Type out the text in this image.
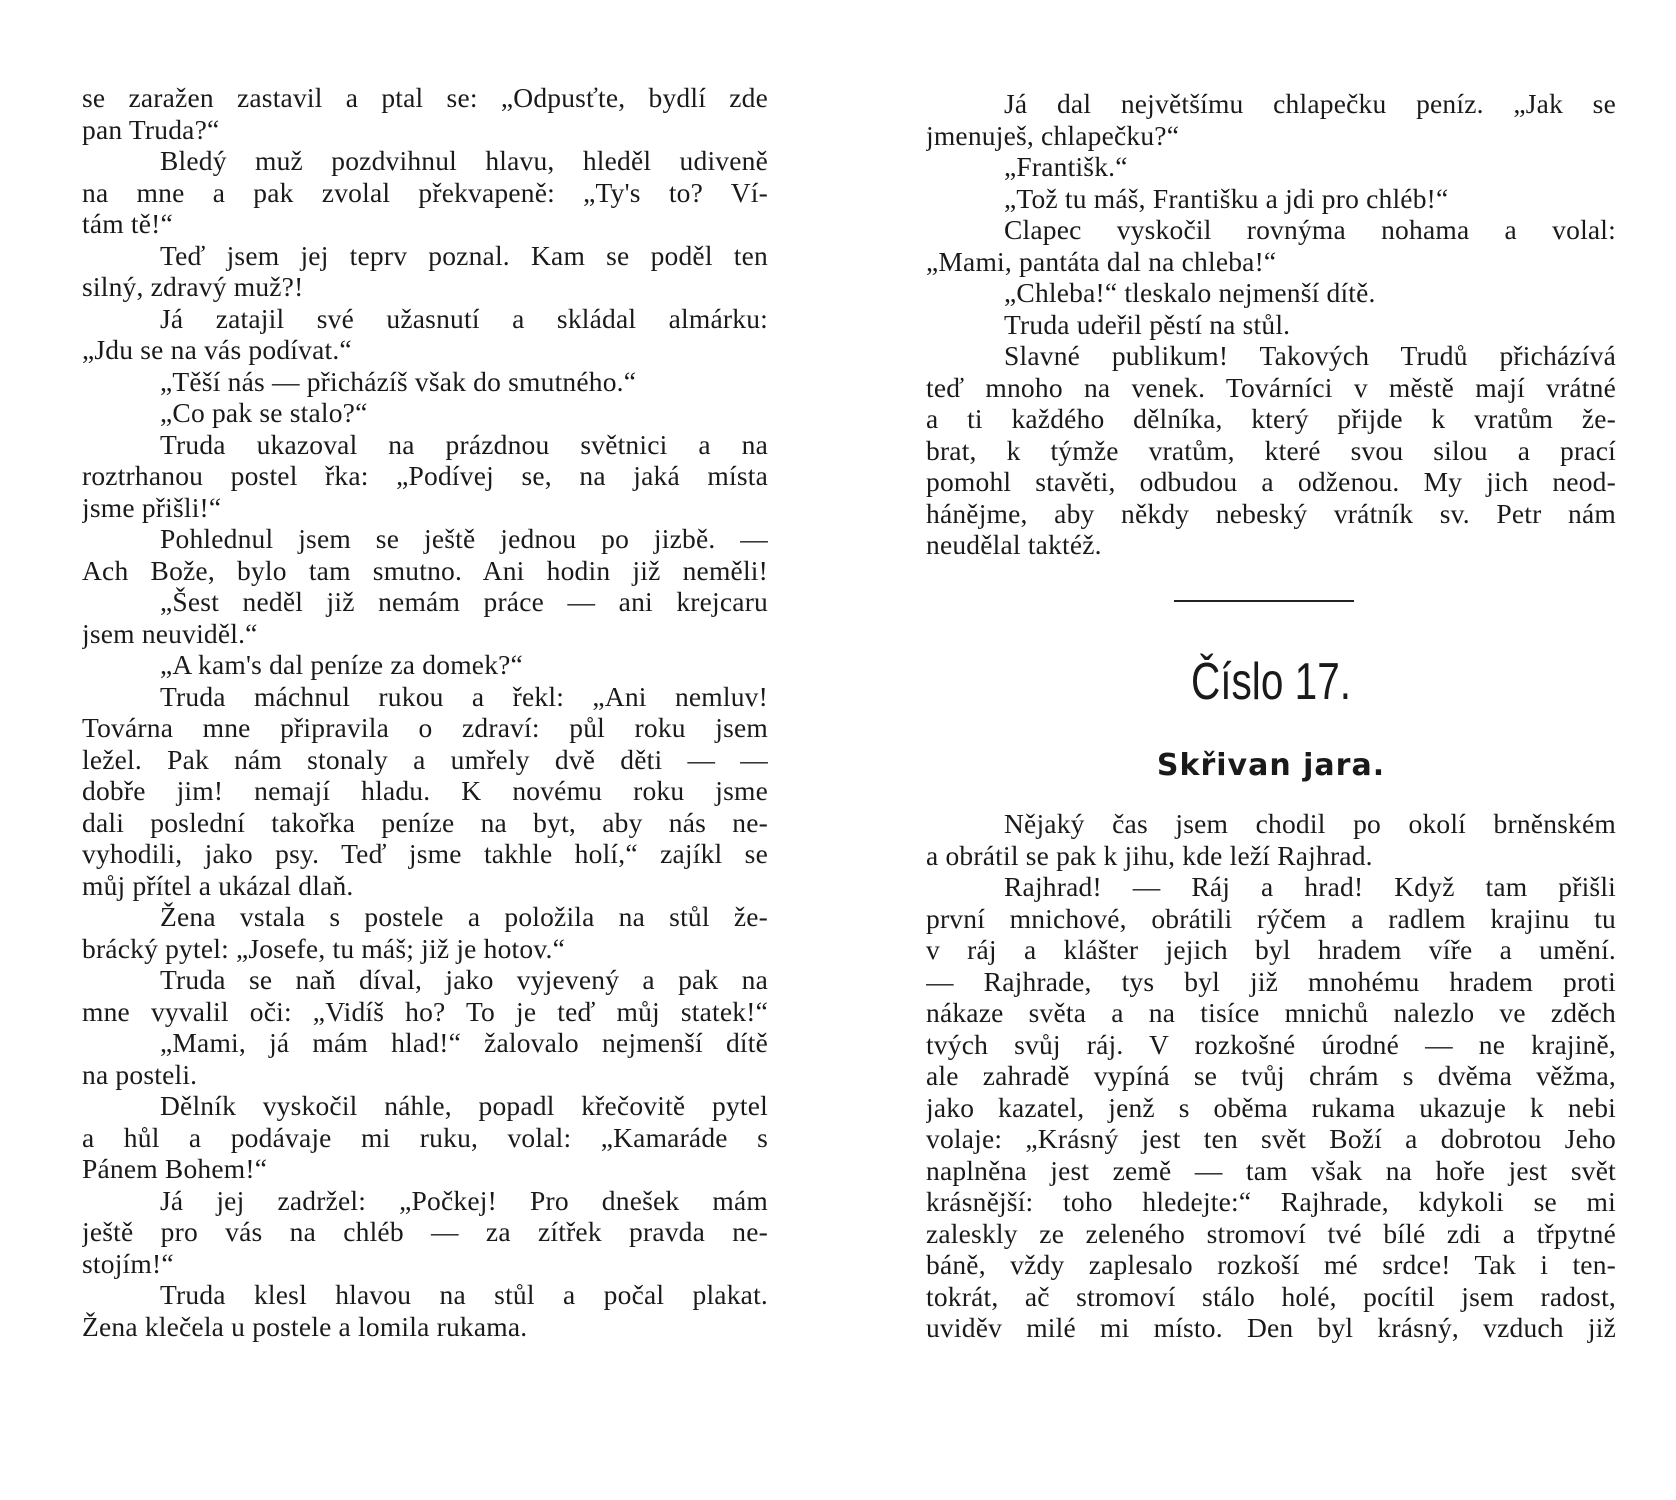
se zaražen zastavil a ptal se: „Odpusťte, bydlí zde
pan Truda?“
Bledý muž pozdvihnul hlavu, hleděl udiveně
na mne a pak zvolal překvapeně: „Ty's to? Ví-
tám tě!“
Teď jsem jej teprv poznal. Kam se poděl ten
silný, zdravý muž?!
Já zatajil své užasnutí a skládal almárku:
„Jdu se na vás podívat.“
„Těší nás — přicházíš však do smutného.“
„Co pak se stalo?“
Truda ukazoval na prázdnou světnici a na
roztrhanou postel řka: „Podívej se, na jaká místa
jsme přišli!“
Pohlednul jsem se ještě jednou po jizbě. —
Ach Bože, bylo tam smutno. Ani hodin již neměli!
„Šest neděl již nemám práce — ani krejcaru
jsem neuviděl.“
„A kam's dal peníze za domek?“
Truda máchnul rukou a řekl: „Ani nemluv!
Továrna mne připravila o zdraví: půl roku jsem
ležel. Pak nám stonaly a umřely dvě děti — —
dobře jim! nemají hladu. K novému roku jsme
dali poslední takořka peníze na byt, aby nás ne-
vyhodili, jako psy. Teď jsme takhle holí,“ zajíkl se
můj přítel a ukázal dlaň.
Žena vstala s postele a položila na stůl že-
brácký pytel: „Josefe, tu máš; již je hotov.“
Truda se naň díval, jako vyjevený a pak na
mne vyvalil oči: „Vidíš ho? To je teď můj statek!“
„Mami, já mám hlad!“ žalovalo nejmenší dítě
na posteli.
Dělník vyskočil náhle, popadl křečovitě pytel
a hůl a podávaje mi ruku, volal: „Kamaráde s
Pánem Bohem!“
Já jej zadržel: „Počkej! Pro dnešek mám
ještě pro vás na chléb — za zítřek pravda ne-
stojím!“
Truda klesl hlavou na stůl a počal plakat.
Žena klečela u postele a lomila rukama.
Já dal největšímu chlapečku peníz. „Jak se
jmenuješ, chlapečku?“
„Františk.“
„Tož tu máš, Františku a jdi pro chléb!“
Clapec vyskočil rovnýma nohama a volal:
„Mami, pantáta dal na chleba!“
„Chleba!“ tleskalo nejmenší dítě.
Truda udeřil pěstí na stůl.
Slavné publikum! Takových Trudů přicházívá
teď mnoho na venek. Továrníci v městě mají vrátné
a ti každého dělníka, který přijde k vratům že-
brat, k týmže vratům, které svou silou a prací
pomohl stavěti, odbudou a odženou. My jich neod-
hánějme, aby někdy nebeský vrátník sv. Petr nám
neudělal taktéž.
Číslo 17.
Skřivan jara.
Nějaký čas jsem chodil po okolí brněnském
a obrátil se pak k jihu, kde leží Rajhrad.
Rajhrad! — Ráj a hrad! Když tam přišli
první mnichové, obrátili rýčem a radlem krajinu tu
v ráj a klášter jejich byl hradem víře a umění.
— Rajhrade, tys byl již mnohému hradem proti
nákaze světa a na tisíce mnichů nalezlo ve zděch
tvých svůj ráj. V rozkošné úrodné — ne krajině,
ale zahradě vypíná se tvůj chrám s dvěma věžma,
jako kazatel, jenž s oběma rukama ukazuje k nebi
volaje: „Krásný jest ten svět Boží a dobrotou Jeho
naplněna jest země — tam však na hoře jest svět
krásnější: toho hledejte:“ Rajhrade, kdykoli se mi
zaleskly ze zeleného stromoví tvé bílé zdi a třpytné
báně, vždy zaplesalo rozkoší mé srdce! Tak i ten-
tokrát, ač stromoví stálo holé, pocítil jsem radost,
uviděv milé mi místo. Den byl krásný, vzduch již
